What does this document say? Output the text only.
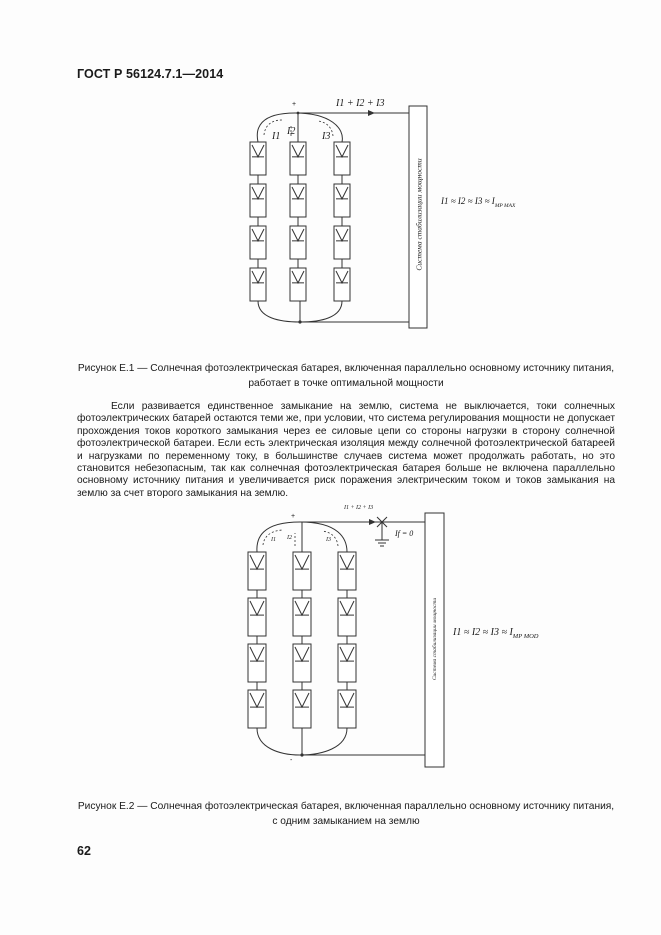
ГОСТ Р 56124.7.1—2014
+	I1 + I2 + I3
I1 I2	I3
Система стабилизации мощности $I1 \approx I2 \approx I3 \approx I_{MP MAX}$
Рисунок Е.1 — Солнечная фотоэлектрическая батарея, включенная параллельно основному источнику питания,
работает в точке оптимальной мощности

Если развивается единственное замыкание на землю, система не выключается, токи солнечных фотоэлектрических батарей остаются теми же, при условии, что система регулирования мощности не допускает прохождения токов короткого замыкания через ее силовые цепи со стороны нагрузки в сторону солнечной фотоэлектрической батареи. Если есть электрическая изоляция между солнечной фотоэлектрической батареей и нагрузками по переменному току, в большинстве случаев система может продолжать работать, но это становится небезопасным, так как солнечная фотоэлектрическая батарея больше не включена параллельно основному источнику питания и увеличивается риск поражения электрическим током и токов замыкания на землю за счет второго замыкания на землю.

+
-
I1 + I2 + I3
I1 I2	I3
If = 0
Система стабилизации мощности $I1 \approx I2 \approx I3 \approx I_{MP MOD}$
Рисунок Е.2 — Солнечная фотоэлектрическая батарея, включенная параллельно основному источнику питания,
с одним замыканием на землю
62
